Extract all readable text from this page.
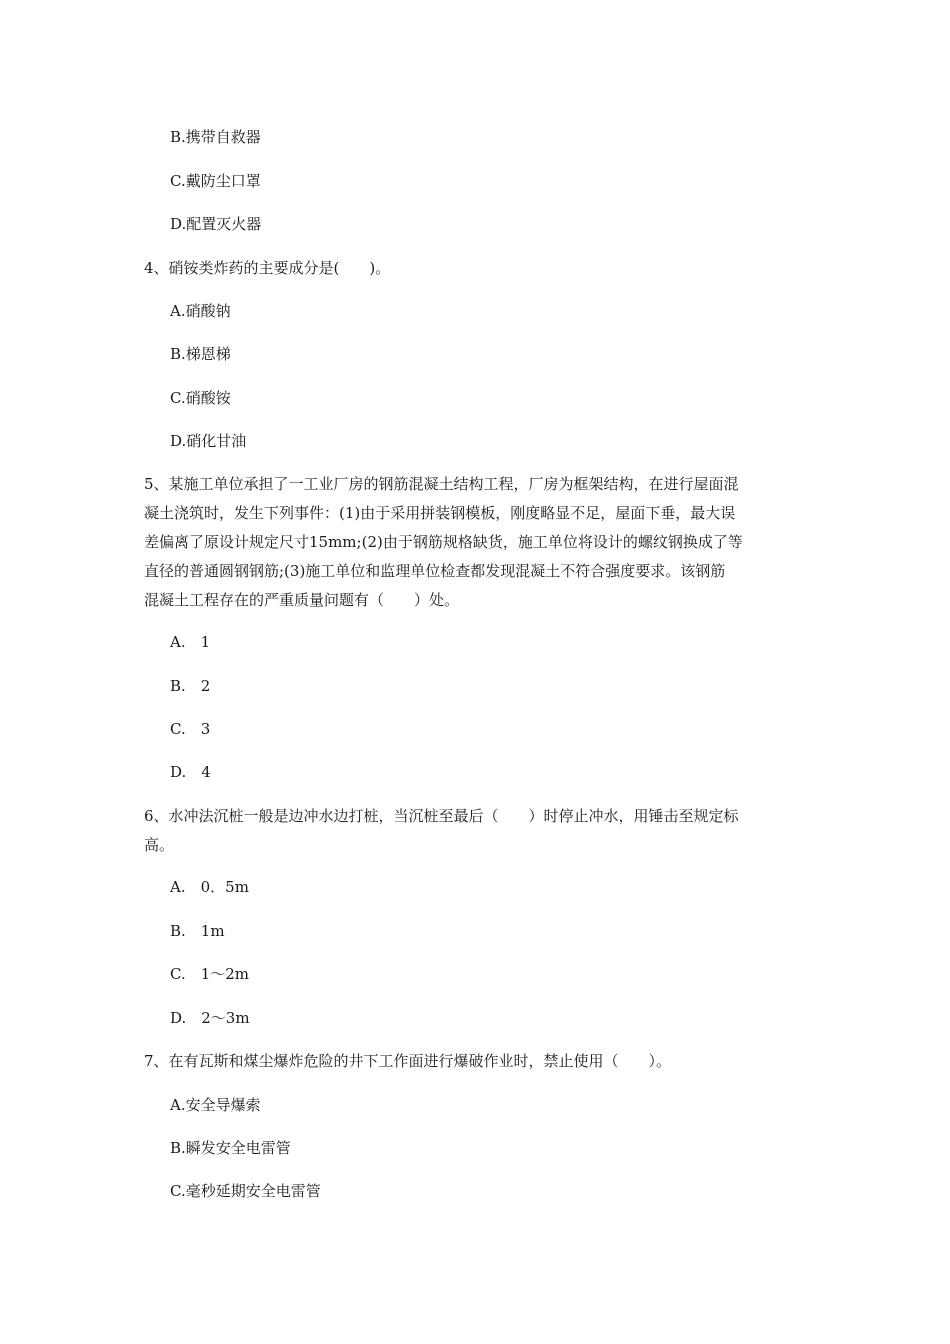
B.携带自救器
C.戴防尘口罩
D.配置灭火器
4、硝铵类炸药的主要成分是(　　)。
A.硝酸钠
B.梯恩梯
C.硝酸铵
D.硝化甘油
5、某施工单位承担了一工业厂房的钢筋混凝土结构工程，厂房为框架结构，在进行屋面混
凝土浇筑时，发生下列事件：(1)由于采用拼装钢模板，刚度略显不足，屋面下垂，最大误
差偏离了原设计规定尺寸15mm;(2)由于钢筋规格缺货，施工单位将设计的螺纹钢换成了等
直径的普通圆钢钢筋;(3)施工单位和监理单位检查都发现混凝土不符合强度要求。该钢筋
混凝土工程存在的严重质量问题有（　　）处。
A.　1
B.　2
C.　3
D.　4
6、水冲法沉桩一般是边冲水边打桩，当沉桩至最后（　　）时停止冲水，用锤击至规定标
高。
A.　0．5m
B.　1m
C.　1～2m
D.　2～3m
7、在有瓦斯和煤尘爆炸危险的井下工作面进行爆破作业时，禁止使用（　　）。
A.安全导爆索
B.瞬发安全电雷管
C.毫秒延期安全电雷管
